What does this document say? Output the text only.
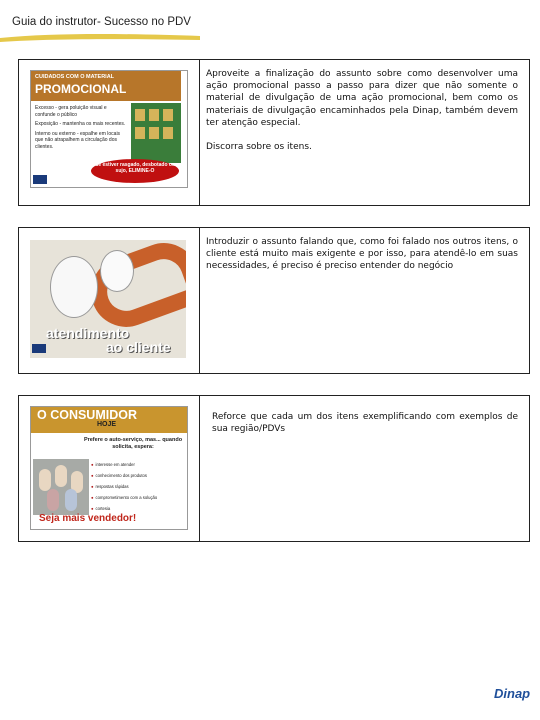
Guia do instrutor- Sucesso no PDV
CUIDADOS COM O MATERIAL
PROMOCIONAL
Excesso - gera poluição visual e confunde o público
Exposição - mantenha os mais recentes.
Interno ou externo - espalhe em locais que não atrapalhem a circulação dos clientes.
Se estiver rasgado, desbotado ou sujo, ELIMINE-O

Aproveite a finalização do assunto sobre como desenvolver uma ação promocional passo a passo para dizer que não somente o material de divulgação de uma ação promocional, bem como os materiais de divulgação encaminhados pela Dinap, também devem ter atenção especial.

Discorra sobre os itens.

atendimento
ao cliente

Introduzir o assunto falando que, como foi falado nos outros itens, o cliente está muito mais exigente e por isso, para atendê-lo em suas necessidades, é preciso é preciso entender do negócio

O CONSUMIDOR
HOJE
Prefere o auto-serviço, mas... quando solicita, espera:
● interesse em atender
● conhecimento dos produtos
● respostas rápidas
● comprometimento com a solução
● cortesia
Seja mais vendedor!

Reforce que cada um dos itens exemplificando com exemplos de sua região/PDVs

Dinap
